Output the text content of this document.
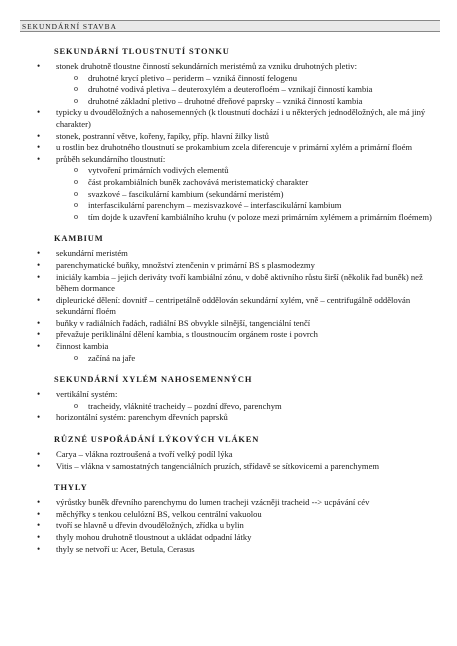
SEKUNDÁRNÍ STAVBA
SEKUNDÁRNÍ TLOUSTNUTÍ STONKU
• stonek druhotně tloustne činností sekundárních meristémů za vzniku druhotných pletiv:
o druhotné krycí pletivo – periderm – vzniká činností felogenu
o druhotné vodivá pletiva – deuteroxylém a deuterofloém – vznikají činností kambia
o druhotné základní pletivo – druhotné dřeňové paprsky – vzniká činností kambia
• typicky u dvouděložných a nahosemenných (k tloustnutí dochází i u některých jednoděložných, ale má jiný charakter)
• stonek, postranní větve, kořeny, řapíky, příp. hlavní žilky listů
• u rostlin bez druhotného tloustnutí se prokambium zcela diferencuje v primární xylém a primární floém
• průběh sekundárního tloustnutí:
o vytvoření primárních vodivých elementů
o část prokambiálních buněk zachovává meristematický charakter
o svazkové – fascikulární kambium (sekundární meristém)
o interfascikulární parenchym – mezisvazkové – interfascikulární kambium
o tím dojde k uzavření kambiálního kruhu (v poloze mezi primárním xylémem a primárním floémem)
KAMBIUM
• sekundární meristém
• parenchymatické buňky, množství ztenčenin v primární BS s plasmodezmy
• iniciály kambia – jejich deriváty tvoří kambiální zónu, v době aktivního růstu širší (několik řad buněk) než během dormance
• dipleurické dělení: dovnitř – centripetálně oddělován sekundární xylém, vně – centrifugálně oddělován sekundární floém
• buňky v radiálních řadách, radiální BS obvykle silnější, tangenciální tenčí
• převažuje periklinální dělení kambia, s tloustnoucím orgánem roste i povrch
• činnost kambia
o začíná na jaře
SEKUNDÁRNÍ XYLÉM NAHOSEMENNÝCH
• vertikální systém:
o tracheidy, vláknité tracheidy – pozdní dřevo, parenchym
• horizontální systém: parenchym dřevních paprsků
RŮZNÉ USPOŘÁDÁNÍ LÝKOVÝCH VLÁKEN
• Carya – vlákna roztroušená a tvoří velký podíl lýka
• Vitis – vlákna v samostatných tangenciálních pruzích, střídavě se sítkovicemi a parenchymem
THYLY
• výrůstky buněk dřevního parenchymu do lumen tracheji vzácněji tracheid --> ucpávání cév
• měchýřky s tenkou celulózní BS, velkou centrální vakuolou
• tvoří se hlavně u dřevin dvouděložných, zřídka u bylin
• thyly mohou druhotně tloustnout a ukládat odpadní látky
• thyly se netvoří u: Acer, Betula, Cerasus
